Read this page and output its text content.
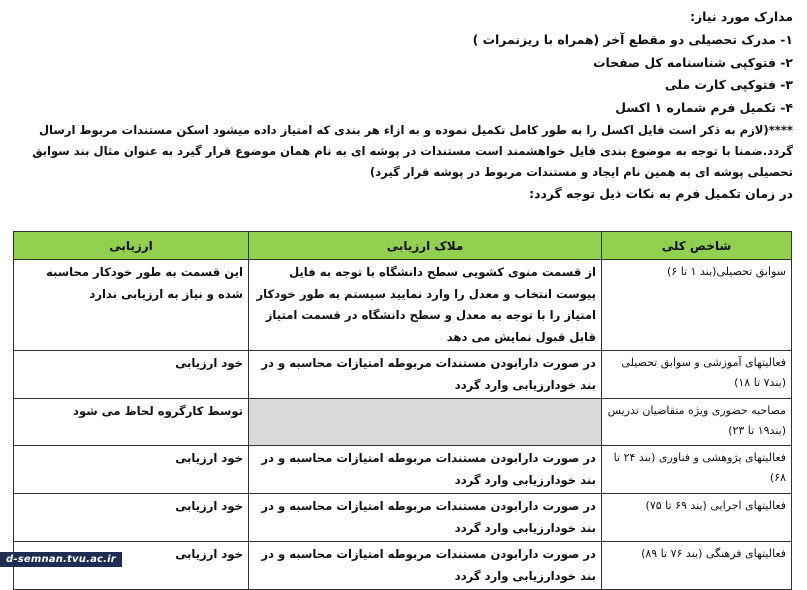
مدارک مورد نیاز:
۱- مدرک تحصیلی دو مقطع آخر (همراه با ریزنمرات )
۲- فتوکپی شناسنامه کل صفحات
۳- فتوکپی کارت ملی
۴- تکمیل فرم شماره ۱ اکسل
****(لازم به ذکر است فایل اکسل را به طور کامل تکمیل نموده و به ازاء هر بندی که امتیاز داده میشود اسکن مستندات مربوط ارسال گردد.ضمنا با توجه به موضوع بندی فایل خواهشمند است مستندات در پوشه ای به نام همان موضوع قرار گیرد به عنوان مثال بند سوابق تحصیلی پوشه ای به همین نام ایجاد و مستندات مربوط در پوشه قرار گیرد)
در زمان تکمیل فرم به نکات ذیل توجه گردد:
شاخص کلی	ملاک ارزیابی	ارزیابی
سوابق تحصیلی(بند ۱ تا ۶)	از قسمت منوی کشویی سطح دانشگاه با توجه به فایل پیوست انتخاب و معدل را وارد نمایید سیستم به طور خودکار امتیاز را با توجه به معدل و سطح دانشگاه در قسمت امتیاز قابل قبول نمایش می دهد	این قسمت به طور خودکار محاسبه شده و نیاز به ارزیابی ندارد
فعالیتهای آموزشی و سوابق تحصیلی (بند۷ تا ۱۸)	در صورت دارابودن مستندات مربوطه امتیازات محاسبه و در بند خودارزیابی وارد گردد	خود ارزیابی
مصاحبه حضوری ویژه متقاضیان تدریس (بند۱۹ تا ۲۳)		توسط کارگروه لحاظ می شود
فعالیتهای پژوهشی و فناوری (بند ۲۴ تا ۶۸)	در صورت دارابودن مستندات مربوطه امتیازات محاسبه و در بند خودارزیابی وارد گردد	خود ارزیابی
فعالیتهای اجرایی (بند ۶۹ تا ۷۵)	در صورت دارابودن مستندات مربوطه امتیازات محاسبه و در بند خودارزیابی وارد گردد	خود ارزیابی
فعالیتهای فرهنگی (بند ۷۶ تا ۸۹)	در صورت دارابودن مستندات مربوطه امتیازات محاسبه و در بند خودارزیابی وارد گردد	خود ارزیابی
d-semnan.tvu.ac.ir
